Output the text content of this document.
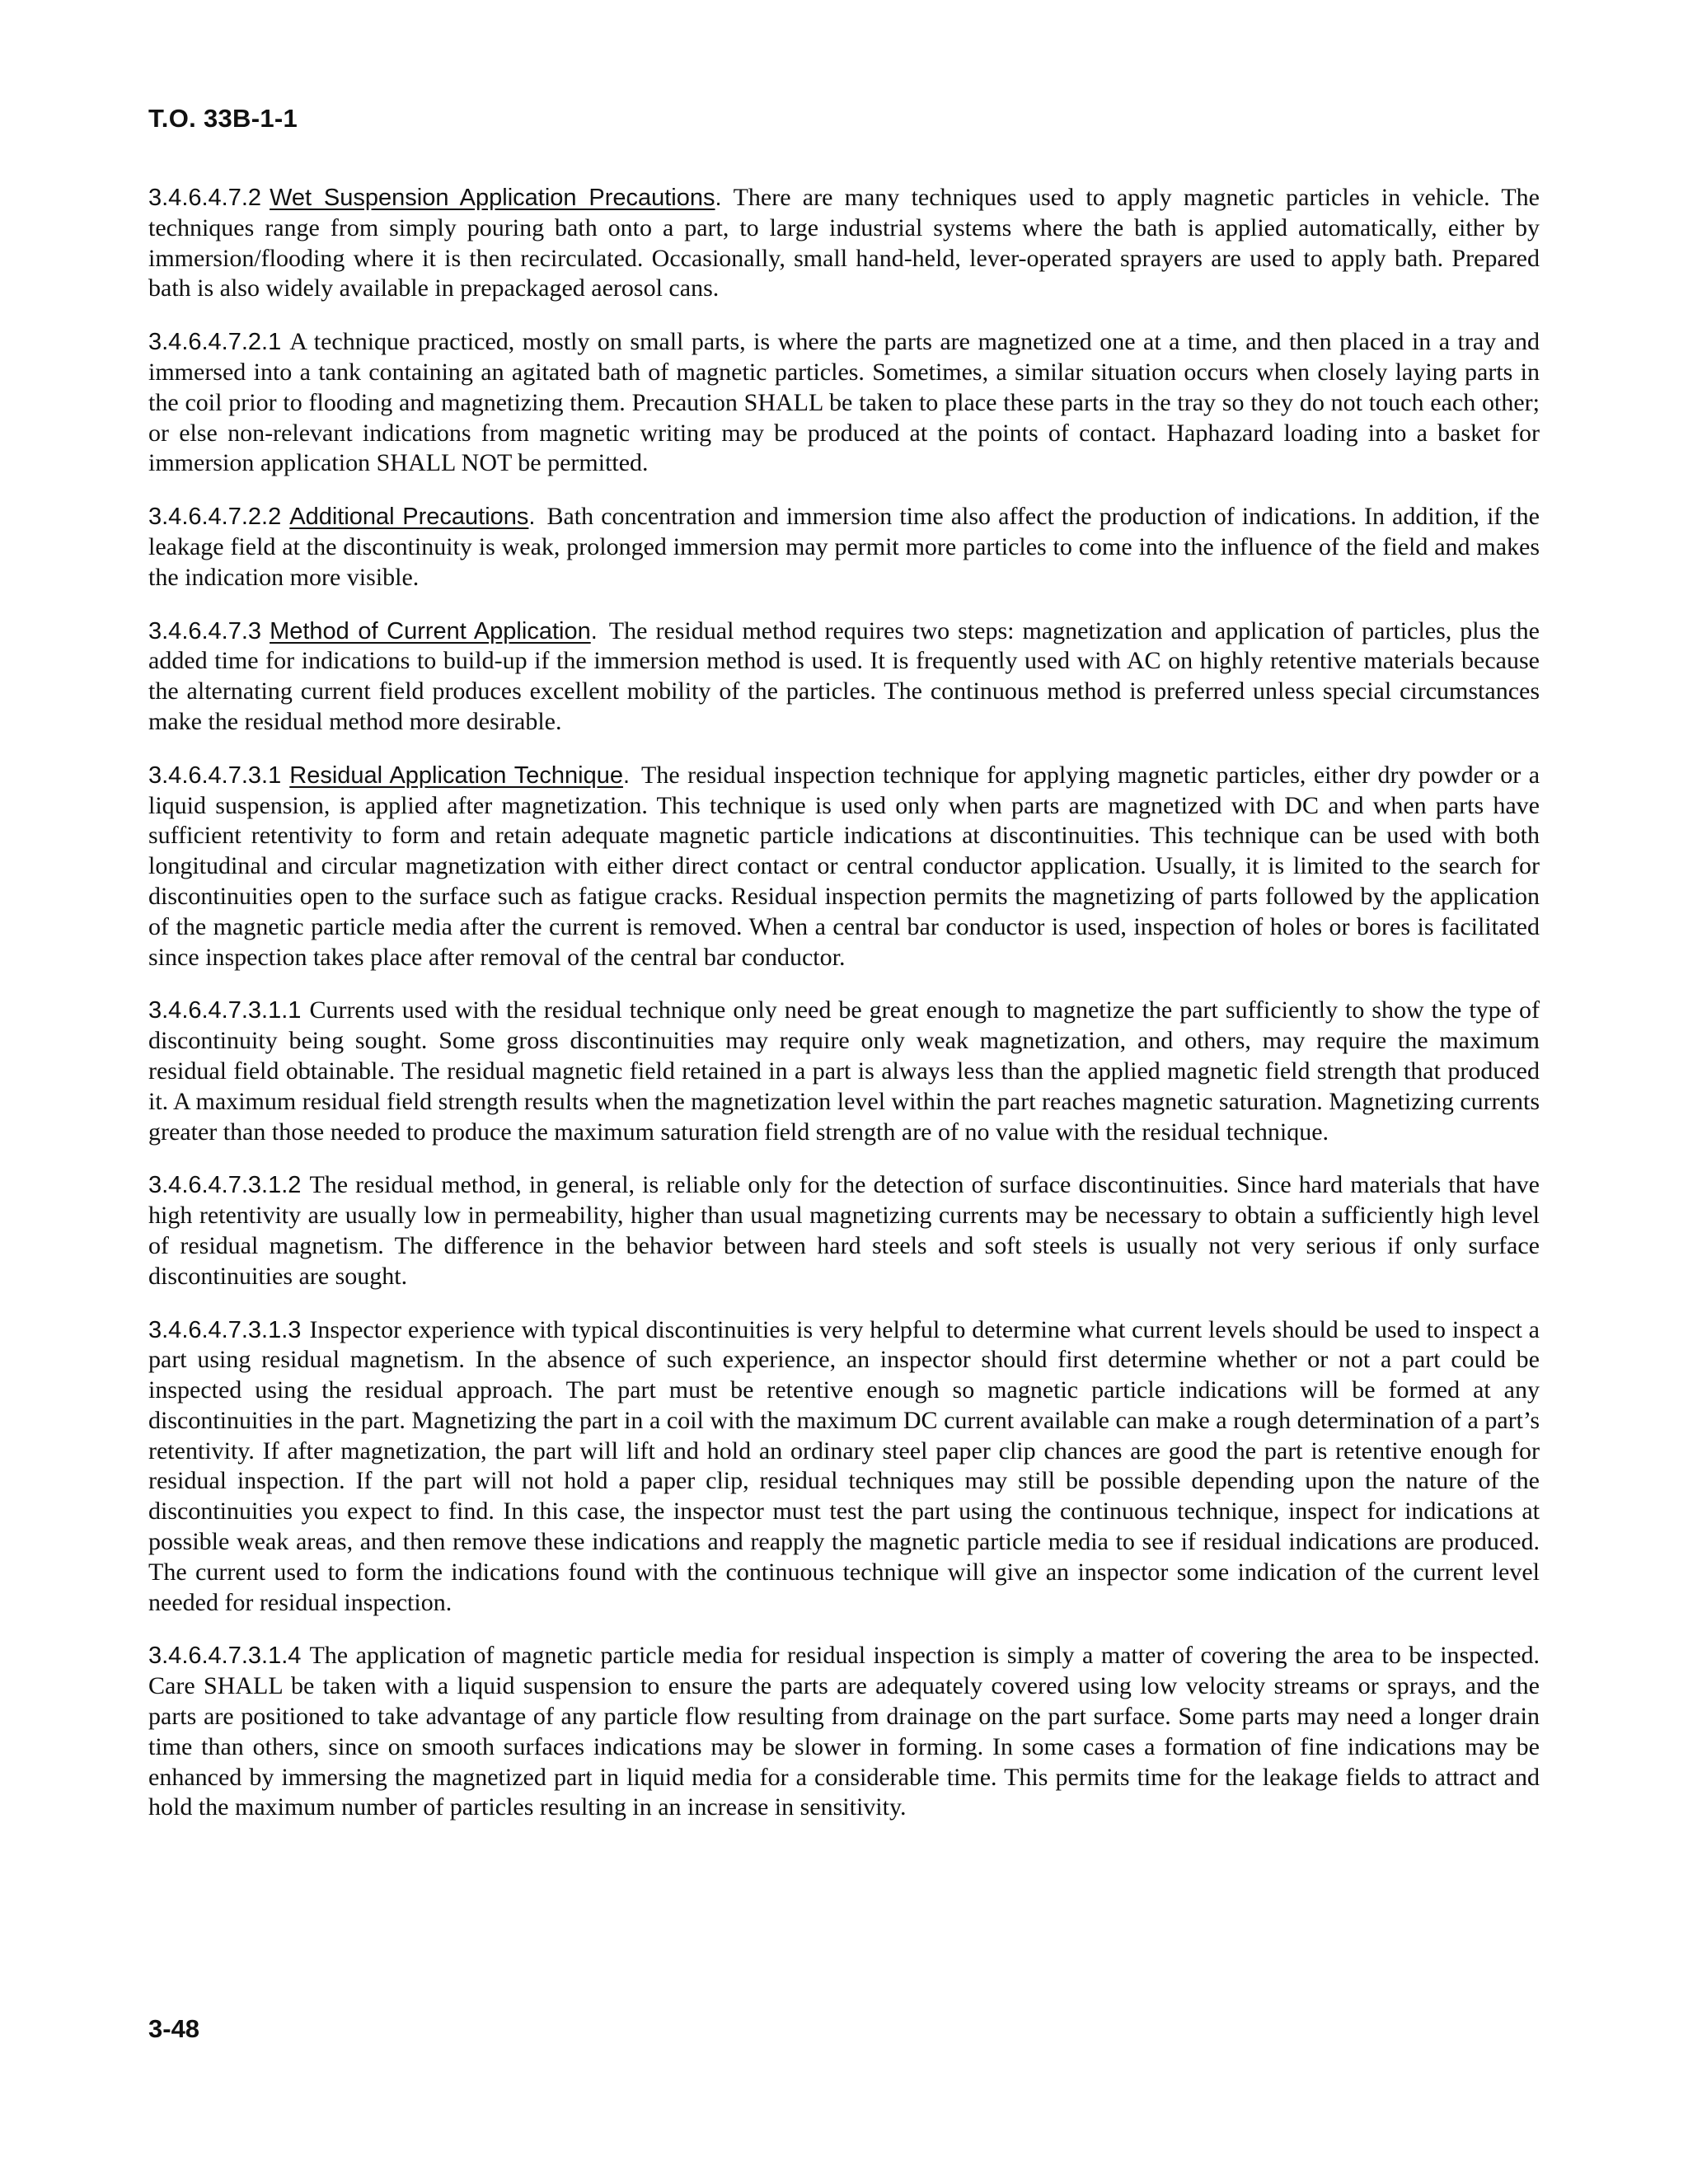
T.O. 33B-1-1

3.4.6.4.7.2 Wet Suspension Application Precautions. There are many techniques used to apply magnetic particles in vehicle. The techniques range from simply pouring bath onto a part, to large industrial systems where the bath is applied automatically, either by immersion/flooding where it is then recirculated. Occasionally, small hand-held, lever-operated sprayers are used to apply bath. Prepared bath is also widely available in prepackaged aerosol cans.

3.4.6.4.7.2.1 A technique practiced, mostly on small parts, is where the parts are magnetized one at a time, and then placed in a tray and immersed into a tank containing an agitated bath of magnetic particles. Sometimes, a similar situation occurs when closely laying parts in the coil prior to flooding and magnetizing them. Precaution SHALL be taken to place these parts in the tray so they do not touch each other; or else non-relevant indications from magnetic writing may be produced at the points of contact. Haphazard loading into a basket for immersion application SHALL NOT be permitted.

3.4.6.4.7.2.2 Additional Precautions. Bath concentration and immersion time also affect the production of indications. In addition, if the leakage field at the discontinuity is weak, prolonged immersion may permit more particles to come into the influence of the field and makes the indication more visible.

3.4.6.4.7.3 Method of Current Application. The residual method requires two steps: magnetization and application of particles, plus the added time for indications to build-up if the immersion method is used. It is frequently used with AC on highly retentive materials because the alternating current field produces excellent mobility of the particles. The continuous method is preferred unless special circumstances make the residual method more desirable.

3.4.6.4.7.3.1 Residual Application Technique. The residual inspection technique for applying magnetic particles, either dry powder or a liquid suspension, is applied after magnetization. This technique is used only when parts are magnetized with DC and when parts have sufficient retentivity to form and retain adequate magnetic particle indications at discontinuities. This technique can be used with both longitudinal and circular magnetization with either direct contact or central conductor application. Usually, it is limited to the search for discontinuities open to the surface such as fatigue cracks. Residual inspection permits the magnetizing of parts followed by the application of the magnetic particle media after the current is removed. When a central bar conductor is used, inspection of holes or bores is facilitated since inspection takes place after removal of the central bar conductor.

3.4.6.4.7.3.1.1 Currents used with the residual technique only need be great enough to magnetize the part sufficiently to show the type of discontinuity being sought. Some gross discontinuities may require only weak magnetization, and others, may require the maximum residual field obtainable. The residual magnetic field retained in a part is always less than the applied magnetic field strength that produced it. A maximum residual field strength results when the magnetization level within the part reaches magnetic saturation. Magnetizing currents greater than those needed to produce the maximum saturation field strength are of no value with the residual technique.

3.4.6.4.7.3.1.2 The residual method, in general, is reliable only for the detection of surface discontinuities. Since hard materials that have high retentivity are usually low in permeability, higher than usual magnetizing currents may be necessary to obtain a sufficiently high level of residual magnetism. The difference in the behavior between hard steels and soft steels is usually not very serious if only surface discontinuities are sought.

3.4.6.4.7.3.1.3 Inspector experience with typical discontinuities is very helpful to determine what current levels should be used to inspect a part using residual magnetism. In the absence of such experience, an inspector should first determine whether or not a part could be inspected using the residual approach. The part must be retentive enough so magnetic particle indications will be formed at any discontinuities in the part. Magnetizing the part in a coil with the maximum DC current available can make a rough determination of a part’s retentivity. If after magnetization, the part will lift and hold an ordinary steel paper clip chances are good the part is retentive enough for residual inspection. If the part will not hold a paper clip, residual techniques may still be possible depending upon the nature of the discontinuities you expect to find. In this case, the inspector must test the part using the continuous technique, inspect for indications at possible weak areas, and then remove these indications and reapply the magnetic particle media to see if residual indications are produced. The current used to form the indications found with the continuous technique will give an inspector some indication of the current level needed for residual inspection.

3.4.6.4.7.3.1.4 The application of magnetic particle media for residual inspection is simply a matter of covering the area to be inspected. Care SHALL be taken with a liquid suspension to ensure the parts are adequately covered using low velocity streams or sprays, and the parts are positioned to take advantage of any particle flow resulting from drainage on the part surface. Some parts may need a longer drain time than others, since on smooth surfaces indications may be slower in forming. In some cases a formation of fine indications may be enhanced by immersing the magnetized part in liquid media for a considerable time. This permits time for the leakage fields to attract and hold the maximum number of particles resulting in an increase in sensitivity.

3-48
